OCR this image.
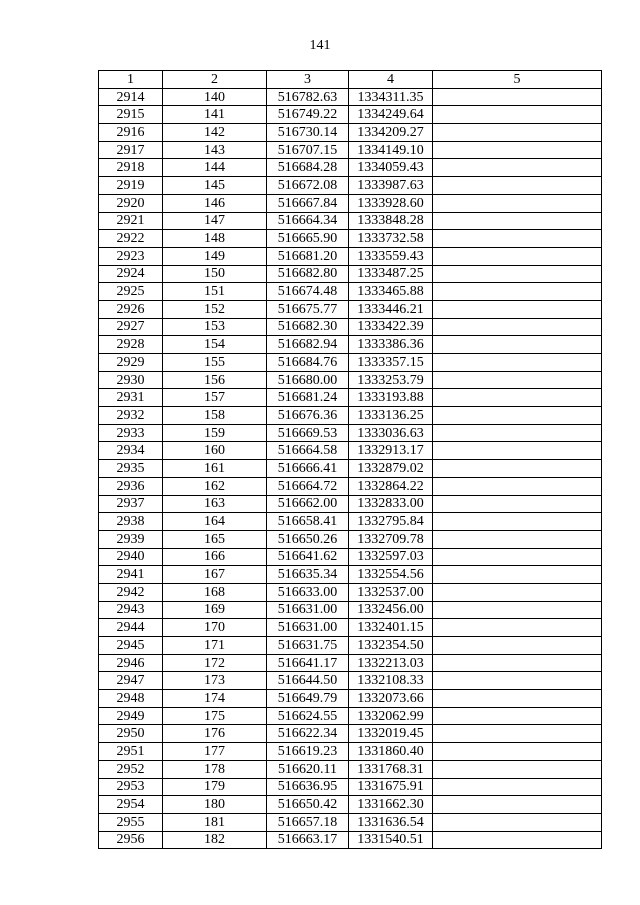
141
1	2	3	4	5
2914	140	516782.63	1334311.35	
2915	141	516749.22	1334249.64	
2916	142	516730.14	1334209.27	
2917	143	516707.15	1334149.10	
2918	144	516684.28	1334059.43	
2919	145	516672.08	1333987.63	
2920	146	516667.84	1333928.60	
2921	147	516664.34	1333848.28	
2922	148	516665.90	1333732.58	
2923	149	516681.20	1333559.43	
2924	150	516682.80	1333487.25	
2925	151	516674.48	1333465.88	
2926	152	516675.77	1333446.21	
2927	153	516682.30	1333422.39	
2928	154	516682.94	1333386.36	
2929	155	516684.76	1333357.15	
2930	156	516680.00	1333253.79	
2931	157	516681.24	1333193.88	
2932	158	516676.36	1333136.25	
2933	159	516669.53	1333036.63	
2934	160	516664.58	1332913.17	
2935	161	516666.41	1332879.02	
2936	162	516664.72	1332864.22	
2937	163	516662.00	1332833.00	
2938	164	516658.41	1332795.84	
2939	165	516650.26	1332709.78	
2940	166	516641.62	1332597.03	
2941	167	516635.34	1332554.56	
2942	168	516633.00	1332537.00	
2943	169	516631.00	1332456.00	
2944	170	516631.00	1332401.15	
2945	171	516631.75	1332354.50	
2946	172	516641.17	1332213.03	
2947	173	516644.50	1332108.33	
2948	174	516649.79	1332073.66	
2949	175	516624.55	1332062.99	
2950	176	516622.34	1332019.45	
2951	177	516619.23	1331860.40	
2952	178	516620.11	1331768.31	
2953	179	516636.95	1331675.91	
2954	180	516650.42	1331662.30	
2955	181	516657.18	1331636.54	
2956	182	516663.17	1331540.51	
